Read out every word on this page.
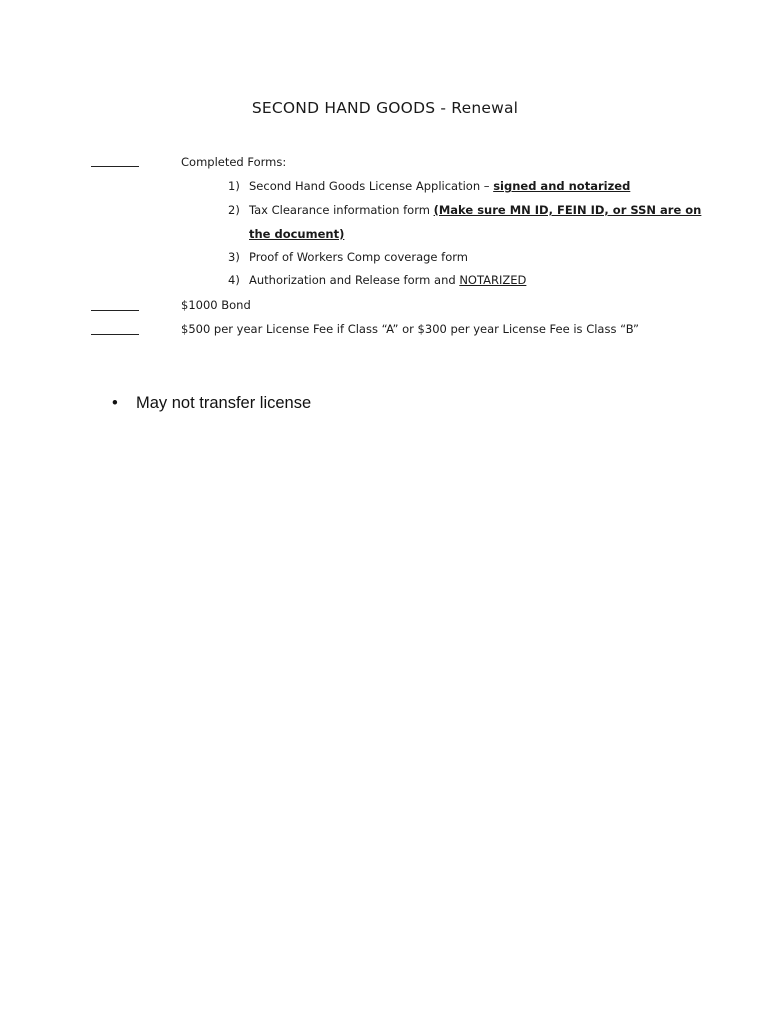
SECOND HAND GOODS - Renewal
Completed Forms:
1) Second Hand Goods License Application – signed and notarized
2) Tax Clearance information form (Make sure MN ID, FEIN ID, or SSN are on
the document)
3) Proof of Workers Comp coverage form
4) Authorization and Release form and NOTARIZED
$1000 Bond
$500 per year License Fee if Class “A” or $300 per year License Fee is Class “B”
• May not transfer license
